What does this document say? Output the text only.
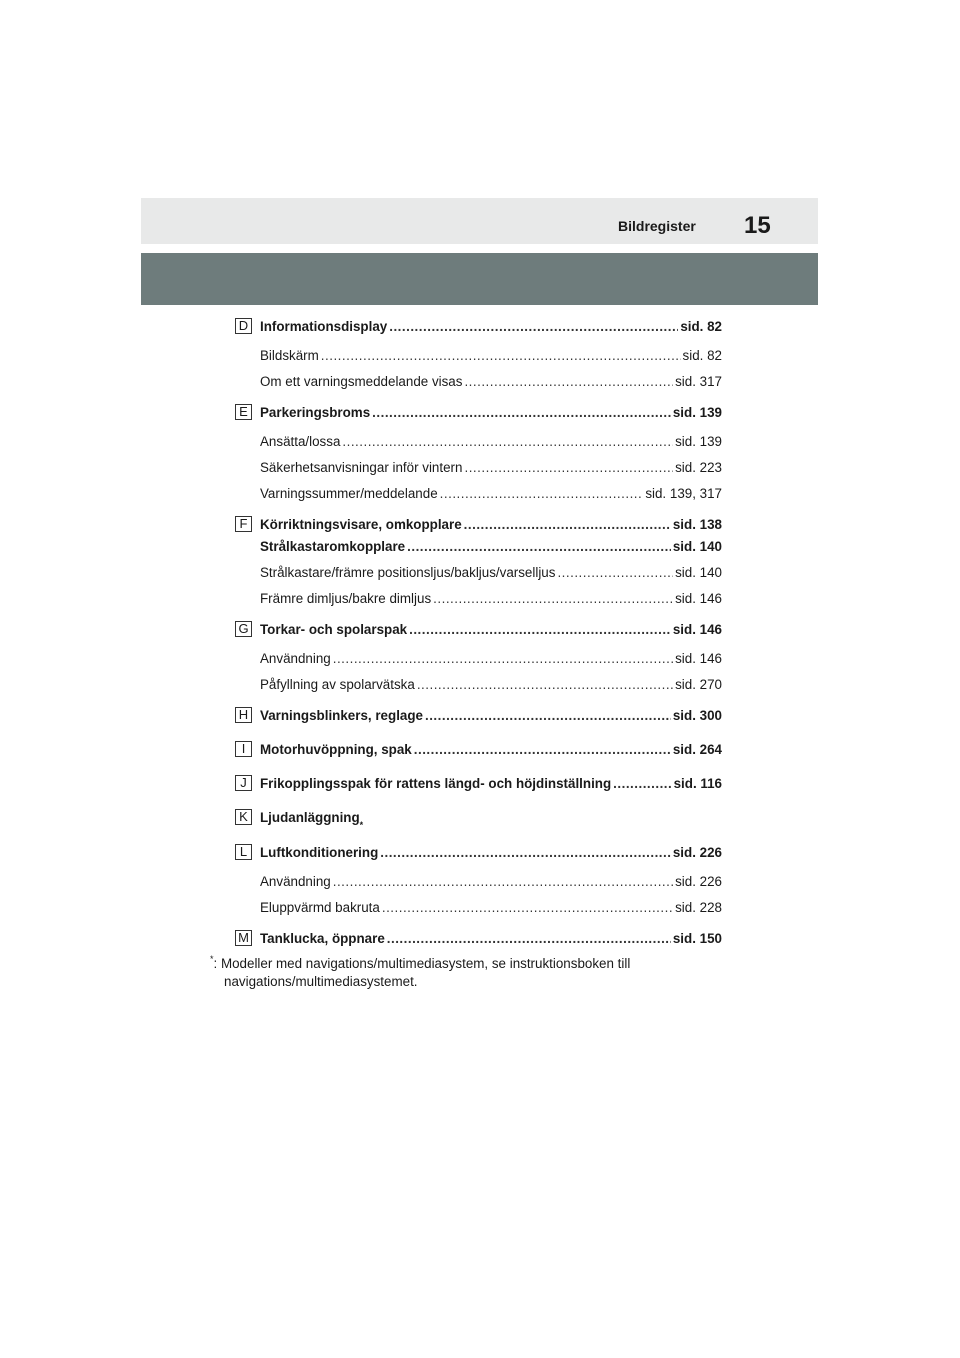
Bildregister 15
D Informationsdisplay .....	sid. 82
Bildskärm .....	sid. 82
Om ett varningsmeddelande visas .....	sid. 317
E Parkeringsbroms .....	sid. 139
Ansätta/lossa .....	sid. 139
Säkerhetsanvisningar inför vintern .....	sid. 223
Varningssummer/meddelande .....	sid. 139, 317
F Körriktningsvisare, omkopplare .....	sid. 138
Strålkastaromkopplare .....	sid. 140
Strålkastare/främre positionsljus/bakljus/varselljus .....	sid. 140
Främre dimljus/bakre dimljus .....	sid. 146
G Torkar- och spolarspak .....	sid. 146
Användning .....	sid. 146
Påfyllning av spolarvätska .....	sid. 270
H Varningsblinkers, reglage .....	sid. 300
I	Motorhuvöppning, spak .....	sid. 264
J Frikopplingsspak för rattens längd- och höjdinställning .....	sid. 116
K Ljudanläggning *
L Luftkonditionering .....	sid. 226
Användning .....	sid. 226
Eluppvärmd bakruta .....	sid. 228
M Tanklucka, öppnare .....	sid. 150
*: Modeller med navigations/multimediasystem, se instruktionsboken till
navigations/multimediasystemet.
